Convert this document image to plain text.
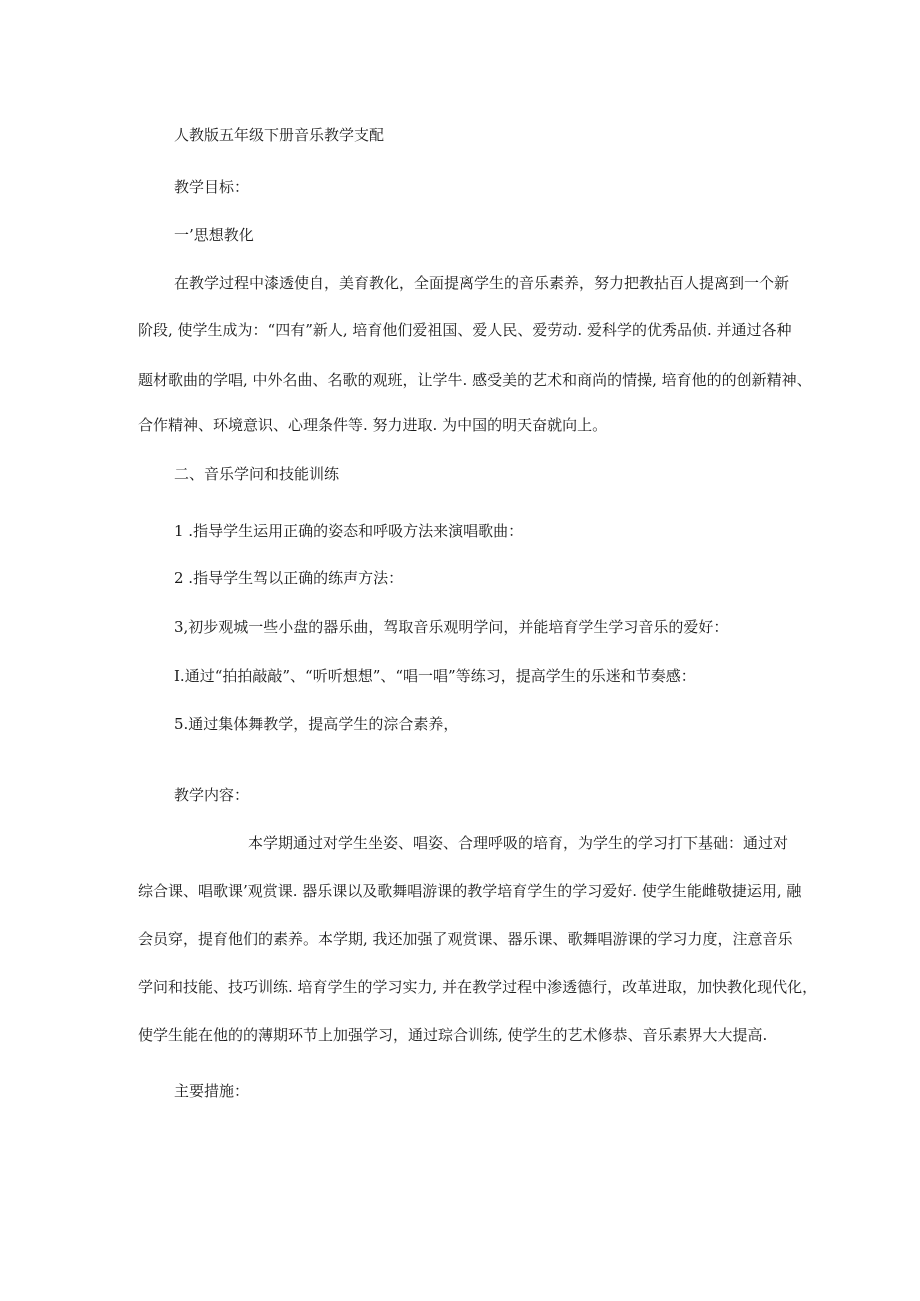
人教版五年级下册音乐教学支配
教学目标：
一’思想教化
在教学过程中漆透使自，美育教化，全面提离学生的音乐素养，努力把教拈百人提离到一个新
阶段, 使学生成为：“四有”新人, 培育他们爱祖国、爱人民、爱劳动. 爱科学的优秀品侦. 并通过各种
题材歌曲的学唱, 中外名曲、名歌的观班，让学牛. 感受美的艺术和商尚的情操, 培育他的的创新精神、
合作精神、环境意识、心理条件等. 努力进取. 为中国的明天奋就向上。
二、音乐学问和技能训练
1 .指导学生运用正确的姿态和呼吸方法来演唱歌曲：
2 .指导学生驾以正确的练声方法：
3,初步观城一些小盘的器乐曲，驾取音乐观明学问，并能培育学生学习音乐的爱好：
I.通过“拍拍敲敲”、“听听想想”、“唱一唱”等练习，提高学生的乐迷和节奏感：
5.通过集体舞教学，提高学生的淙合素养，
教学内容：
本学期通过对学生坐姿、唱姿、合理呼吸的培育，为学生的学习打下基础：通过对
综合课、唱歌课’观赏课. 器乐课以及歌舞唱游课的教学培育学生的学习爱好. 使学生能雌敬捷运用, 融
会员穿，提育他们的素养。本学期, 我还加强了观赏课、器乐课、歌舞唱游课的学习力度，注意音乐
学问和技能、技巧训练. 培育学生的学习实力, 并在教学过程中渗透德行，改革进取，加快教化现代化，
使学生能在他的的薄期环节上加强学习，通过琮合训练, 使学生的艺术修恭、音乐素界大大提高.
主要措施：
